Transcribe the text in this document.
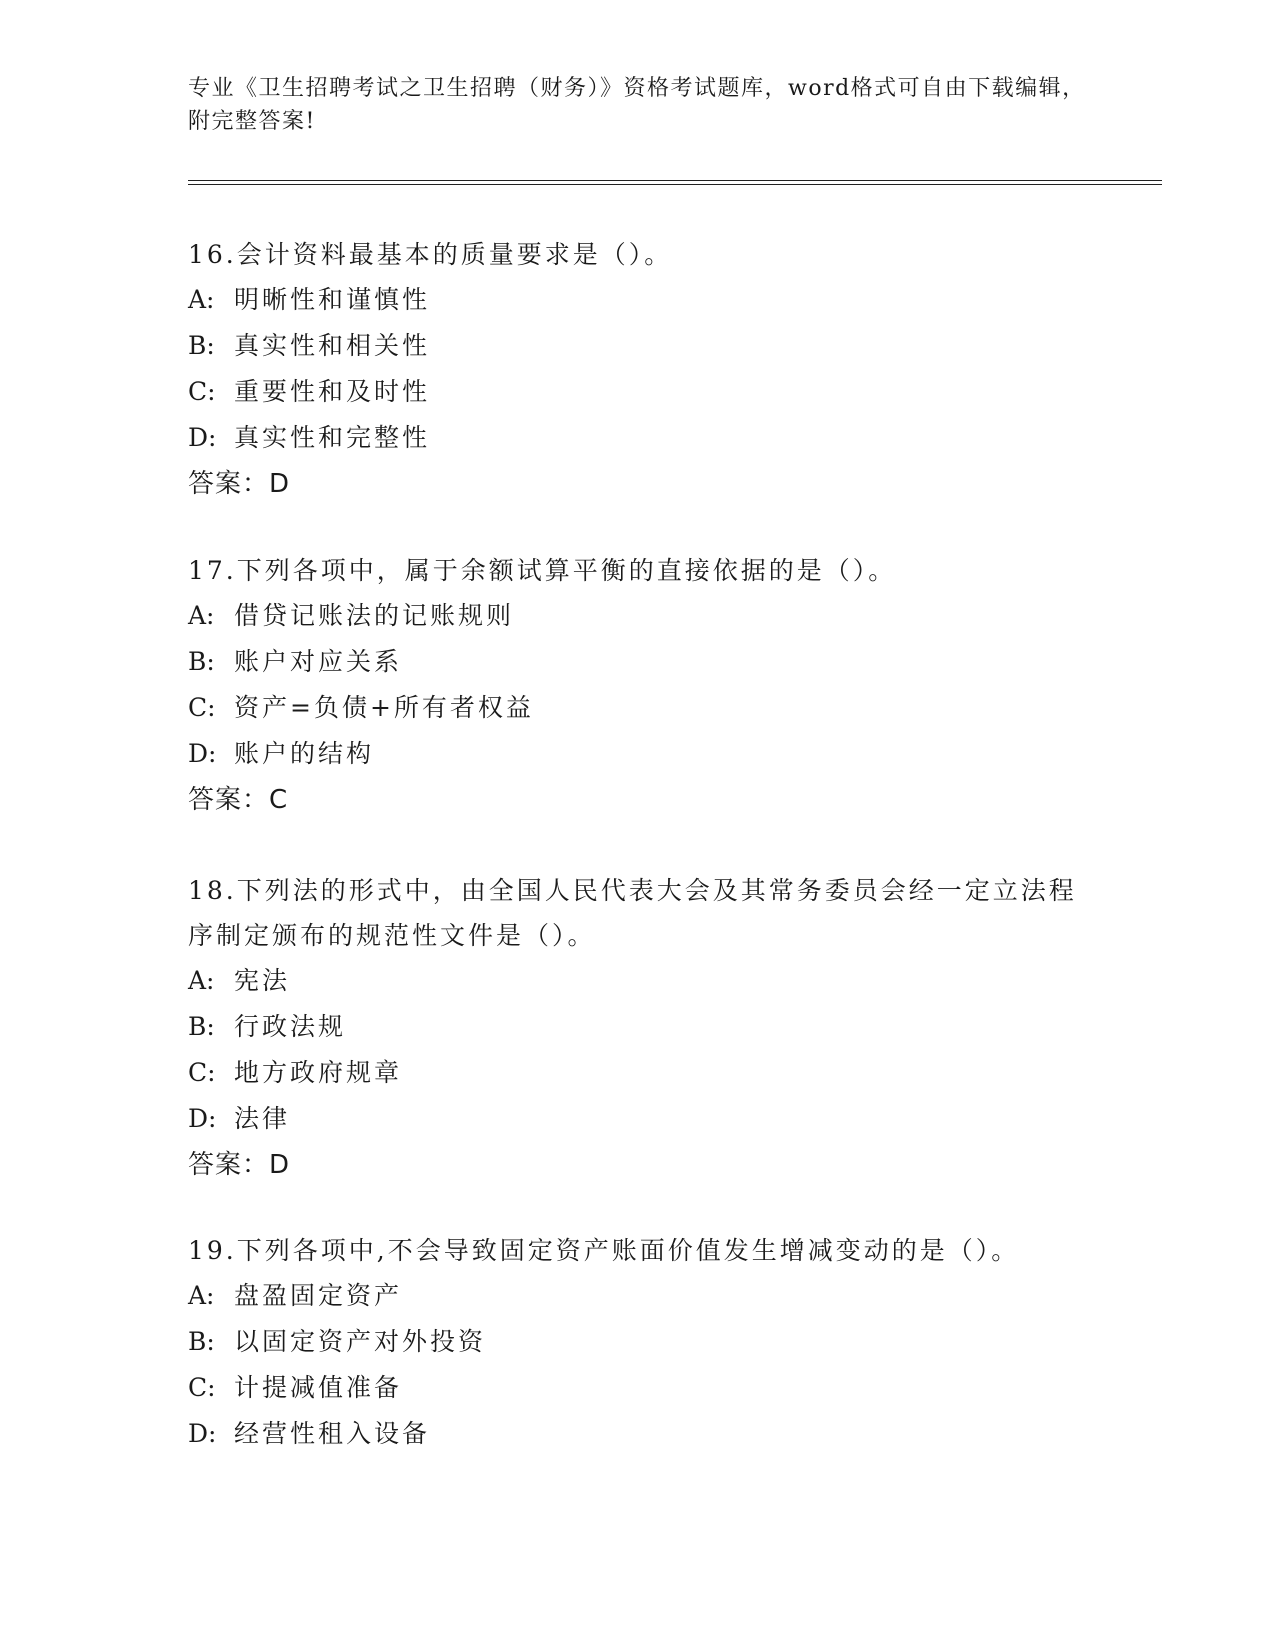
专业《卫生招聘考试之卫生招聘（财务）》资格考试题库，word格式可自由下载编辑，附完整答案!
16.会计资料最基本的质量要求是（）。
A: 明晰性和谨慎性
B: 真实性和相关性
C: 重要性和及时性
D: 真实性和完整性
答案：D
17.下列各项中，属于余额试算平衡的直接依据的是（）。
A: 借贷记账法的记账规则
B: 账户对应关系
C: 资产=负债+所有者权益
D: 账户的结构
答案：C
18.下列法的形式中，由全国人民代表大会及其常务委员会经一定立法程序制定颁布的规范性文件是（）。
A: 宪法
B: 行政法规
C: 地方政府规章
D: 法律
答案：D
19.下列各项中,不会导致固定资产账面价值发生增减变动的是（）。
A: 盘盈固定资产
B: 以固定资产对外投资
C: 计提减值准备
D: 经营性租入设备
